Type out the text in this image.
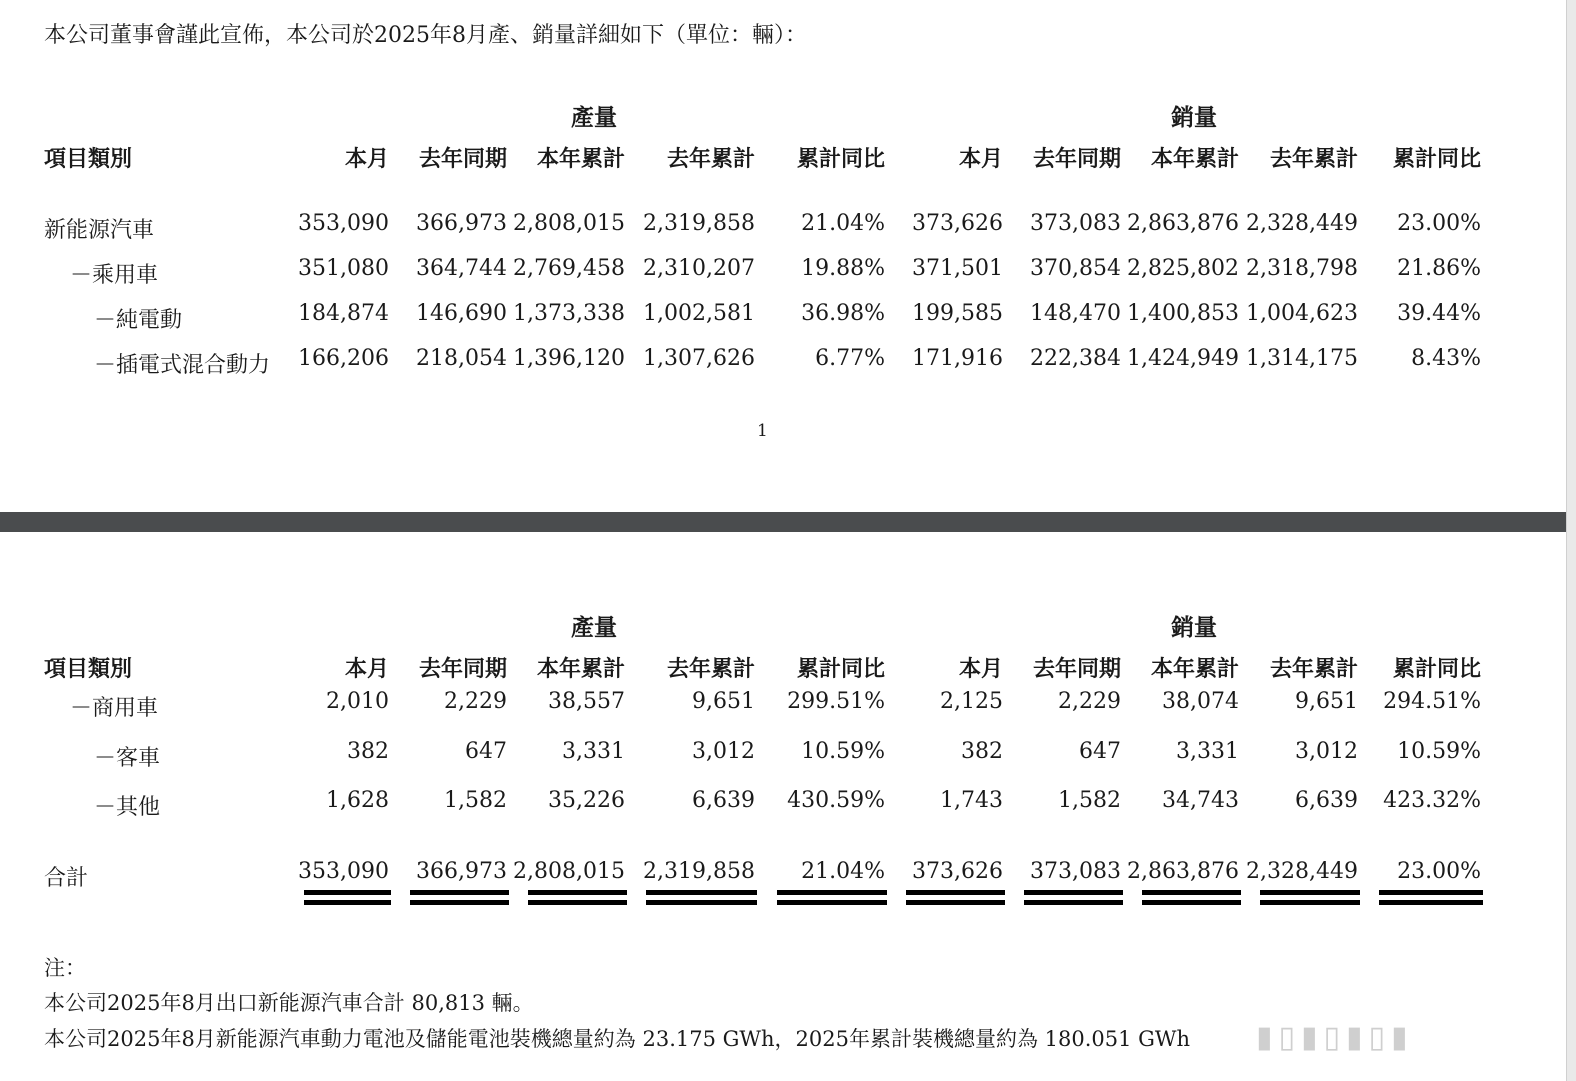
本公司董事會謹此宣佈，本公司於2025年8月產、銷量詳細如下（單位：輛）：
產量	銷量
項目類別	本月	去年同期	本年累計	去年累計	累計同比	本月	去年同期	本年累計	去年累計	累計同比
新能源汽車	353,090	366,973 2,808,015 2,319,858	21.04%	373,626	373,083 2,863,876 2,328,449	23.00%
－乘用車	351,080	364,744 2,769,458 2,310,207	19.88%	371,501	370,854 2,825,802 2,318,798	21.86%
－純電動	184,874	146,690 1,373,338 1,002,581	36.98%	199,585	148,470 1,400,853 1,004,623	39.44%
－插電式混合動力	166,206	218,054 1,396,120 1,307,626	6.77%	171,916	222,384 1,424,949 1,314,175	8.43%
1
產量	銷量
項目類別	本月	去年同期	本年累計	去年累計	累計同比	本月	去年同期	本年累計	去年累計	累計同比
－商用車	2,010	2,229	38,557	9,651	299.51%	2,125	2,229	38,074	9,651	294.51%
－客車	382	647	3,331	3,012	10.59%	382	647	3,331	3,012	10.59%
－其他	1,628	1,582	35,226	6,639	430.59%	1,743	1,582	34,743	6,639	423.32%
合計	353,090	366,973 2,808,015 2,319,858	21.04%	373,626	373,083 2,863,876 2,328,449	23.00%
注：
本公司2025年8月出口新能源汽車合計 80,813 輛。
本公司2025年8月新能源汽車動力電池及儲能電池裝機總量約為 23.175 GWh，2025年累計裝機總量約為 180.051 GWh ▮▯▮▯▮▯▮
